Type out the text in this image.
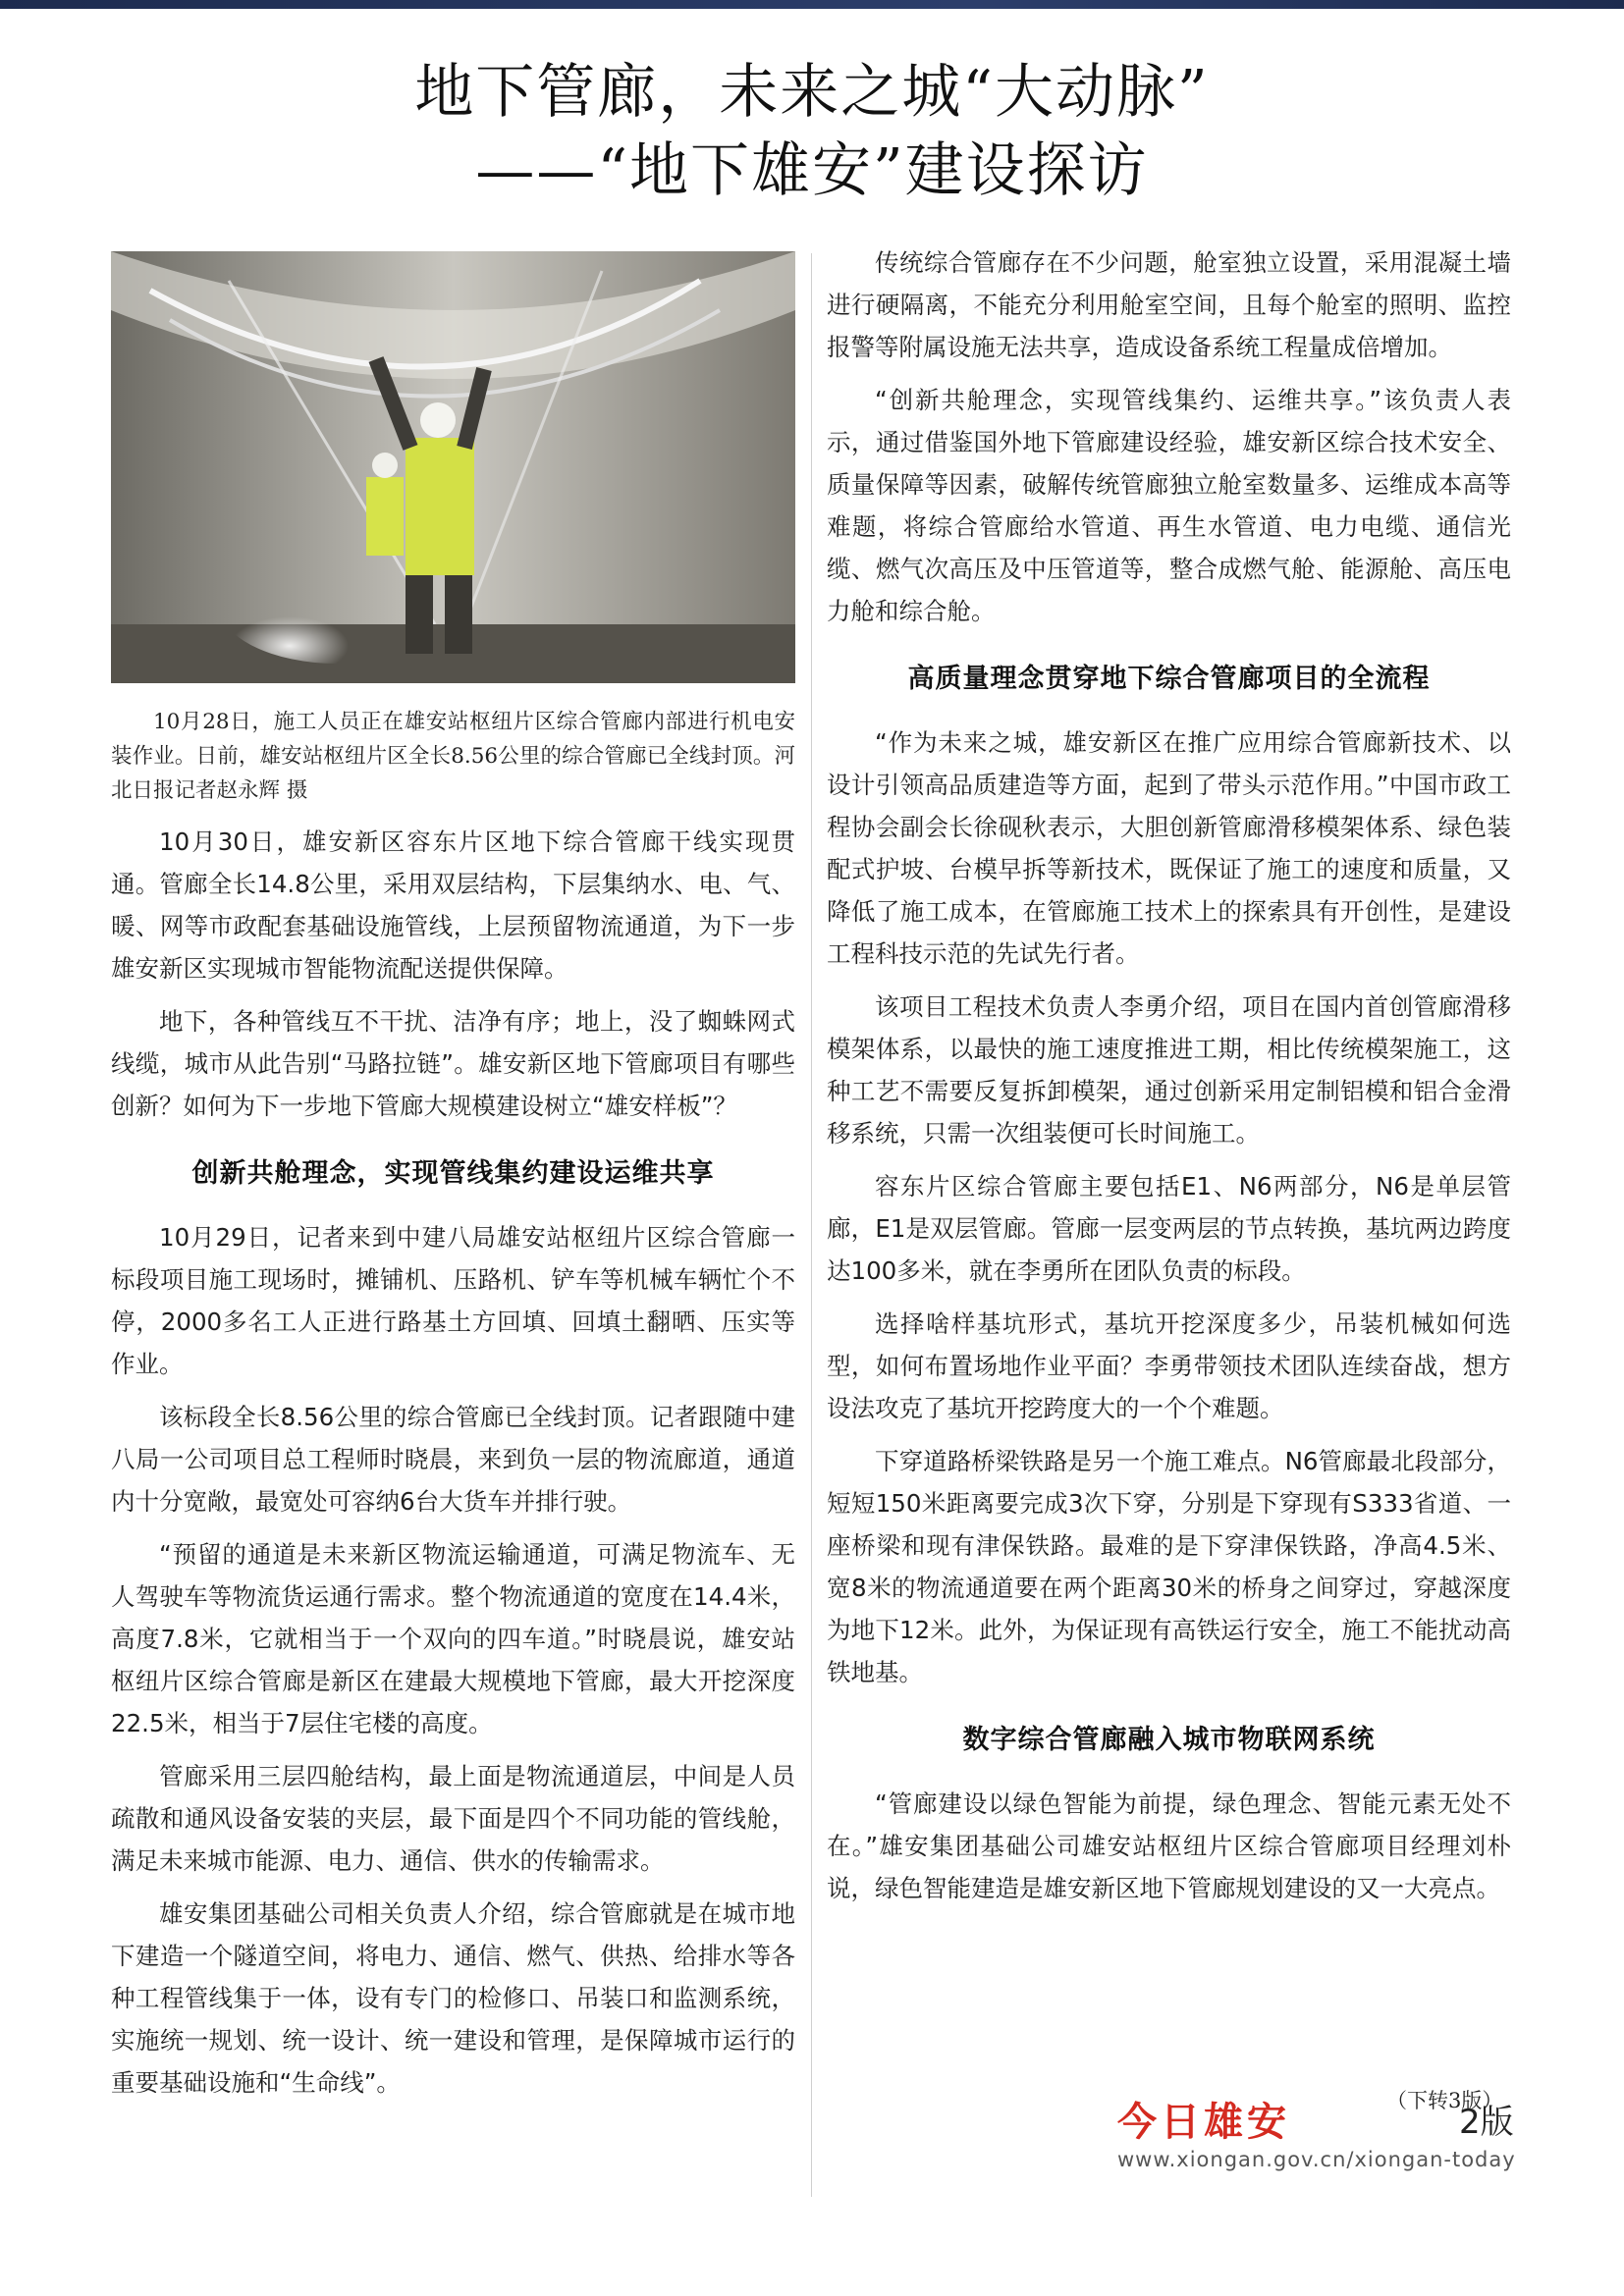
地下管廊，未来之城“大动脉”
——“地下雄安”建设探访
10月28日，施工人员正在雄安站枢纽片区综合管廊内部进行机电安装作业。日前，雄安站枢纽片区全长8.56公里的综合管廊已全线封顶。河北日报记者赵永辉 摄

10月30日，雄安新区容东片区地下综合管廊干线实现贯通。管廊全长14.8公里，采用双层结构，下层集纳水、电、气、暖、网等市政配套基础设施管线，上层预留物流通道，为下一步雄安新区实现城市智能物流配送提供保障。

地下，各种管线互不干扰、洁净有序；地上，没了蜘蛛网式线缆，城市从此告别“马路拉链”。雄安新区地下管廊项目有哪些创新？如何为下一步地下管廊大规模建设树立“雄安样板”？

创新共舱理念，实现管线集约建设运维共享

10月29日，记者来到中建八局雄安站枢纽片区综合管廊一标段项目施工现场时，摊铺机、压路机、铲车等机械车辆忙个不停，2000多名工人正进行路基土方回填、回填土翻晒、压实等作业。

该标段全长8.56公里的综合管廊已全线封顶。记者跟随中建八局一公司项目总工程师时晓晨，来到负一层的物流廊道，通道内十分宽敞，最宽处可容纳6台大货车并排行驶。

“预留的通道是未来新区物流运输通道，可满足物流车、无人驾驶车等物流货运通行需求。整个物流通道的宽度在14.4米，高度7.8米，它就相当于一个双向的四车道。”时晓晨说，雄安站枢纽片区综合管廊是新区在建最大规模地下管廊，最大开挖深度22.5米，相当于7层住宅楼的高度。

管廊采用三层四舱结构，最上面是物流通道层，中间是人员疏散和通风设备安装的夹层，最下面是四个不同功能的管线舱，满足未来城市能源、电力、通信、供水的传输需求。

雄安集团基础公司相关负责人介绍，综合管廊就是在城市地下建造一个隧道空间，将电力、通信、燃气、供热、给排水等各种工程管线集于一体，设有专门的检修口、吊装口和监测系统，实施统一规划、统一设计、统一建设和管理，是保障城市运行的重要基础设施和“生命线”。

传统综合管廊存在不少问题，舱室独立设置，采用混凝土墙进行硬隔离，不能充分利用舱室空间，且每个舱室的照明、监控报警等附属设施无法共享，造成设备系统工程量成倍增加。

“创新共舱理念，实现管线集约、运维共享。”该负责人表示，通过借鉴国外地下管廊建设经验，雄安新区综合技术安全、质量保障等因素，破解传统管廊独立舱室数量多、运维成本高等难题，将综合管廊给水管道、再生水管道、电力电缆、通信光缆、燃气次高压及中压管道等，整合成燃气舱、能源舱、高压电力舱和综合舱。

高质量理念贯穿地下综合管廊项目的全流程

“作为未来之城，雄安新区在推广应用综合管廊新技术、以设计引领高品质建造等方面，起到了带头示范作用。”中国市政工程协会副会长徐砚秋表示，大胆创新管廊滑移模架体系、绿色装配式护坡、台模早拆等新技术，既保证了施工的速度和质量，又降低了施工成本，在管廊施工技术上的探索具有开创性，是建设工程科技示范的先试先行者。

该项目工程技术负责人李勇介绍，项目在国内首创管廊滑移模架体系，以最快的施工速度推进工期，相比传统模架施工，这种工艺不需要反复拆卸模架，通过创新采用定制铝模和铝合金滑移系统，只需一次组装便可长时间施工。

容东片区综合管廊主要包括E1、N6两部分，N6是单层管廊，E1是双层管廊。管廊一层变两层的节点转换，基坑两边跨度达100多米，就在李勇所在团队负责的标段。

选择啥样基坑形式，基坑开挖深度多少，吊装机械如何选型，如何布置场地作业平面？李勇带领技术团队连续奋战，想方设法攻克了基坑开挖跨度大的一个个难题。

下穿道路桥梁铁路是另一个施工难点。N6管廊最北段部分，短短150米距离要完成3次下穿，分别是下穿现有S333省道、一座桥梁和现有津保铁路。最难的是下穿津保铁路，净高4.5米、宽8米的物流通道要在两个距离30米的桥身之间穿过，穿越深度为地下12米。此外，为保证现有高铁运行安全，施工不能扰动高铁地基。

数字综合管廊融入城市物联网系统

“管廊建设以绿色智能为前提，绿色理念、智能元素无处不在。”雄安集团基础公司雄安站枢纽片区综合管廊项目经理刘朴说，绿色智能建造是雄安新区地下管廊规划建设的又一大亮点。

（下转3版）
今日雄安	2版
www.xiongan.gov.cn/xiongan-today
